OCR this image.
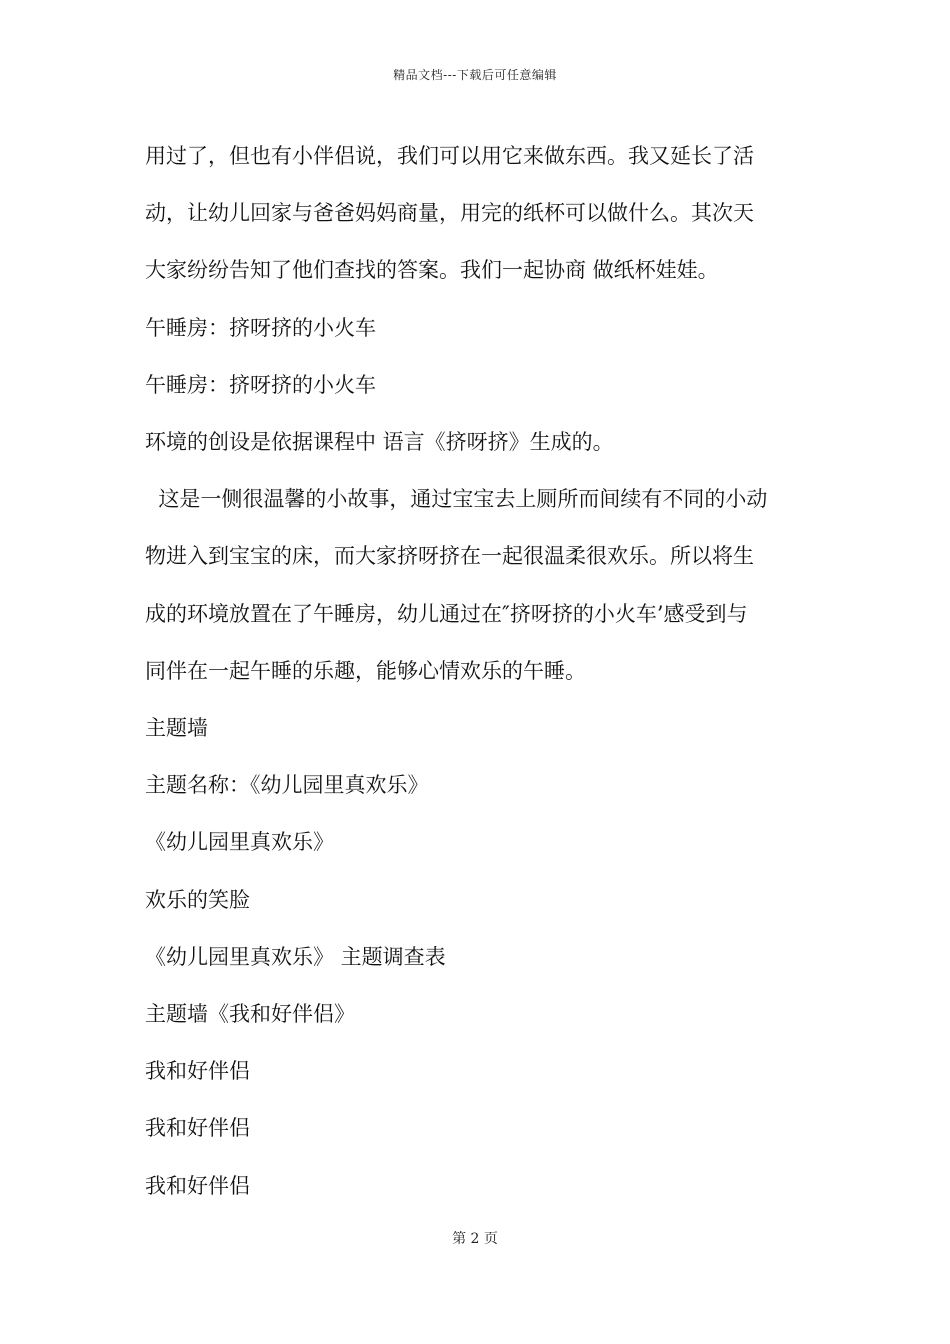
精品文档---下载后可任意编辑

用过了，但也有小伴侣说，我们可以用它来做东西。我又延长了活

动，让幼儿回家与爸爸妈妈商量，用完的纸杯可以做什么。其次天

大家纷纷告知了他们查找的答案。我们一起协商 做纸杯娃娃。

午睡房：挤呀挤的小火车

午睡房：挤呀挤的小火车

环境的创设是依据课程中 语言《挤呀挤》生成的。

这是一侧很温馨的小故事，通过宝宝去上厕所而间续有不同的小动

物进入到宝宝的床，而大家挤呀挤在一起很温柔很欢乐。所以将生

成的环境放置在了午睡房，幼儿通过在″挤呀挤的小火车’感受到与

同伴在一起午睡的乐趣，能够心情欢乐的午睡。

主题墙

主题名称：《幼儿园里真欢乐》

《幼儿园里真欢乐》

欢乐的笑脸

《幼儿园里真欢乐》 主题调查表

主题墙《我和好伴侣》

我和好伴侣

我和好伴侣

我和好伴侣

第 2 页
